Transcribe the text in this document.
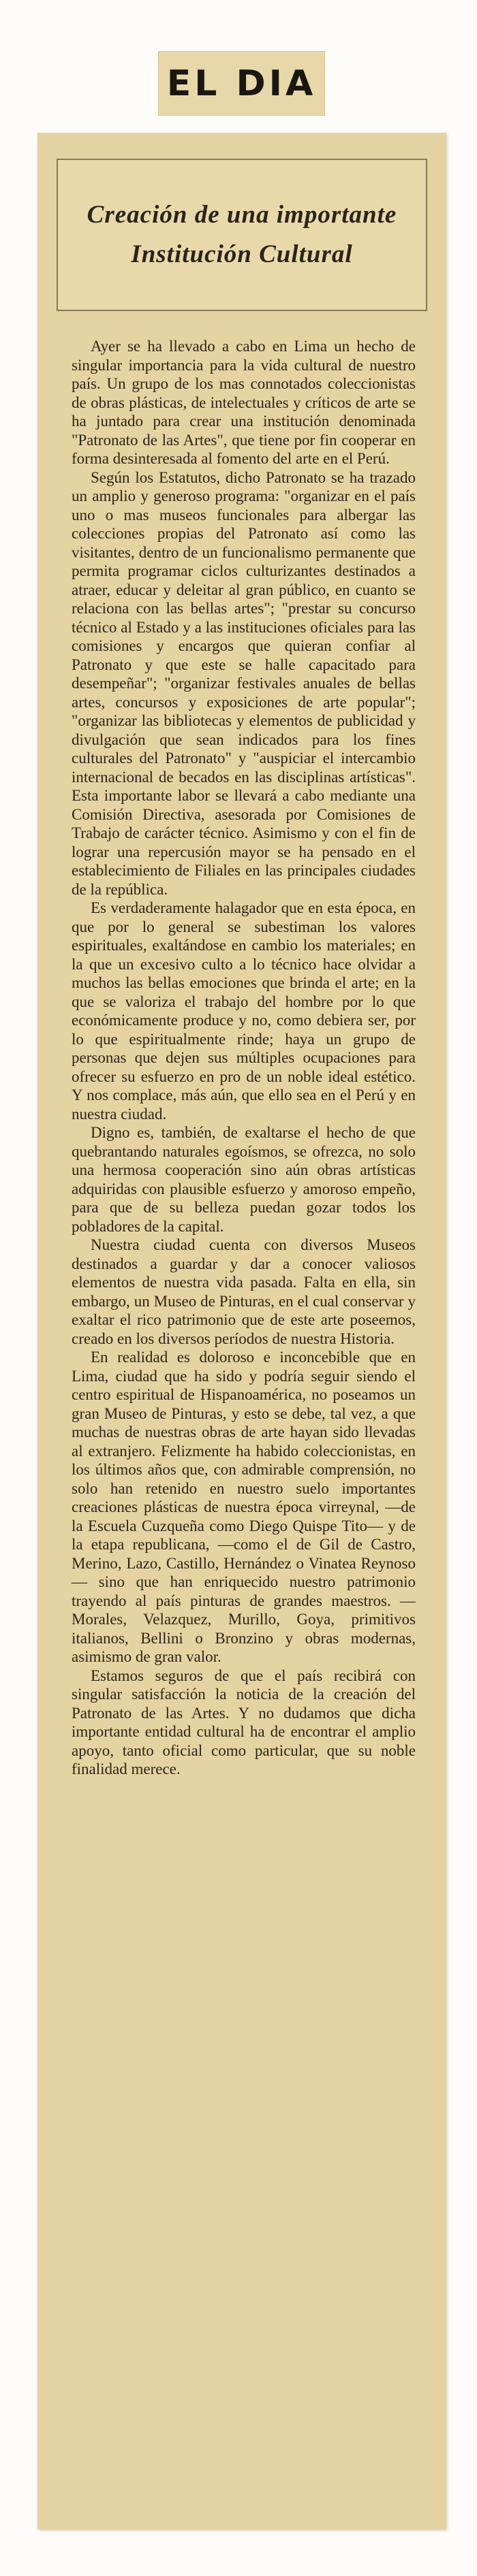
EL DIA
Creación de una importante Institución Cultural

Ayer se ha llevado a cabo en Lima un hecho de singular importancia para la vida cultural de nuestro país. Un grupo de los mas connotados coleccionistas de obras plásticas, de intelectuales y críticos de arte se ha juntado para crear una institución denominada "Patronato de las Artes", que tiene por fin cooperar en forma desinteresada al fomento del arte en el Perú.

Según los Estatutos, dicho Patronato se ha trazado un amplio y generoso programa: "organizar en el país uno o mas museos funcionales para albergar las colecciones propias del Patronato así como las visitantes, dentro de un funcionalismo permanente que permita programar ciclos culturizantes destinados a atraer, educar y deleitar al gran público, en cuanto se relaciona con las bellas artes"; "prestar su concurso técnico al Estado y a las instituciones oficiales para las comisiones y encargos que quieran confiar al Patronato y que este se halle capacitado para desempeñar"; "organizar festivales anuales de bellas artes, concursos y exposiciones de arte popular"; "organizar las bibliotecas y elementos de publicidad y divulgación que sean indicados para los fines culturales del Patronato" y "auspiciar el intercambio internacional de becados en las disciplinas artísticas". Esta importante labor se llevará a cabo mediante una Comisión Directiva, asesorada por Comisiones de Trabajo de carácter técnico. Asimismo y con el fin de lograr una repercusión mayor se ha pensado en el establecimiento de Filiales en las principales ciudades de la república.

Es verdaderamente halagador que en esta época, en que por lo general se subestiman los valores espirituales, exaltándose en cambio los materiales; en la que un excesivo culto a lo técnico hace olvidar a muchos las bellas emociones que brinda el arte; en la que se valoriza el trabajo del hombre por lo que económicamente produce y no, como debiera ser, por lo que espiritualmente rinde; haya un grupo de personas que dejen sus múltiples ocupaciones para ofrecer su esfuerzo en pro de un noble ideal estético. Y nos complace, más aún, que ello sea en el Perú y en nuestra ciudad.

Digno es, también, de exaltarse el hecho de que quebrantando naturales egoísmos, se ofrezca, no solo una hermosa cooperación sino aún obras artísticas adquiridas con plausible esfuerzo y amoroso empeño, para que de su belleza puedan gozar todos los pobladores de la capital.

Nuestra ciudad cuenta con diversos Museos destinados a guardar y dar a conocer valiosos elementos de nuestra vida pasada. Falta en ella, sin embargo, un Museo de Pinturas, en el cual conservar y exaltar el rico patrimonio que de este arte poseemos, creado en los diversos períodos de nuestra Historia.

En realidad es doloroso e inconcebible que en Lima, ciudad que ha sido y podría seguir siendo el centro espiritual de Hispanoamérica, no poseamos un gran Museo de Pinturas, y esto se debe, tal vez, a que muchas de nuestras obras de arte hayan sido llevadas al extranjero. Felizmente ha habido coleccionistas, en los últimos años que, con admirable comprensión, no solo han retenido en nuestro suelo importantes creaciones plásticas de nuestra época virreynal, —de la Escuela Cuzqueña como Diego Quispe Tito— y de la etapa republicana, —como el de Gil de Castro, Merino, Lazo, Castillo, Hernández o Vinatea Reynoso— sino que han enriquecido nuestro patrimonio trayendo al país pinturas de grandes maestros. —Morales, Velazquez, Murillo, Goya, primitivos italianos, Bellini o Bronzino y obras modernas, asimismo de gran valor.

Estamos seguros de que el país recibirá con singular satisfacción la noticia de la creación del Patronato de las Artes. Y no dudamos que dicha importante entidad cultural ha de encontrar el amplio apoyo, tanto oficial como particular, que su noble finalidad merece.
